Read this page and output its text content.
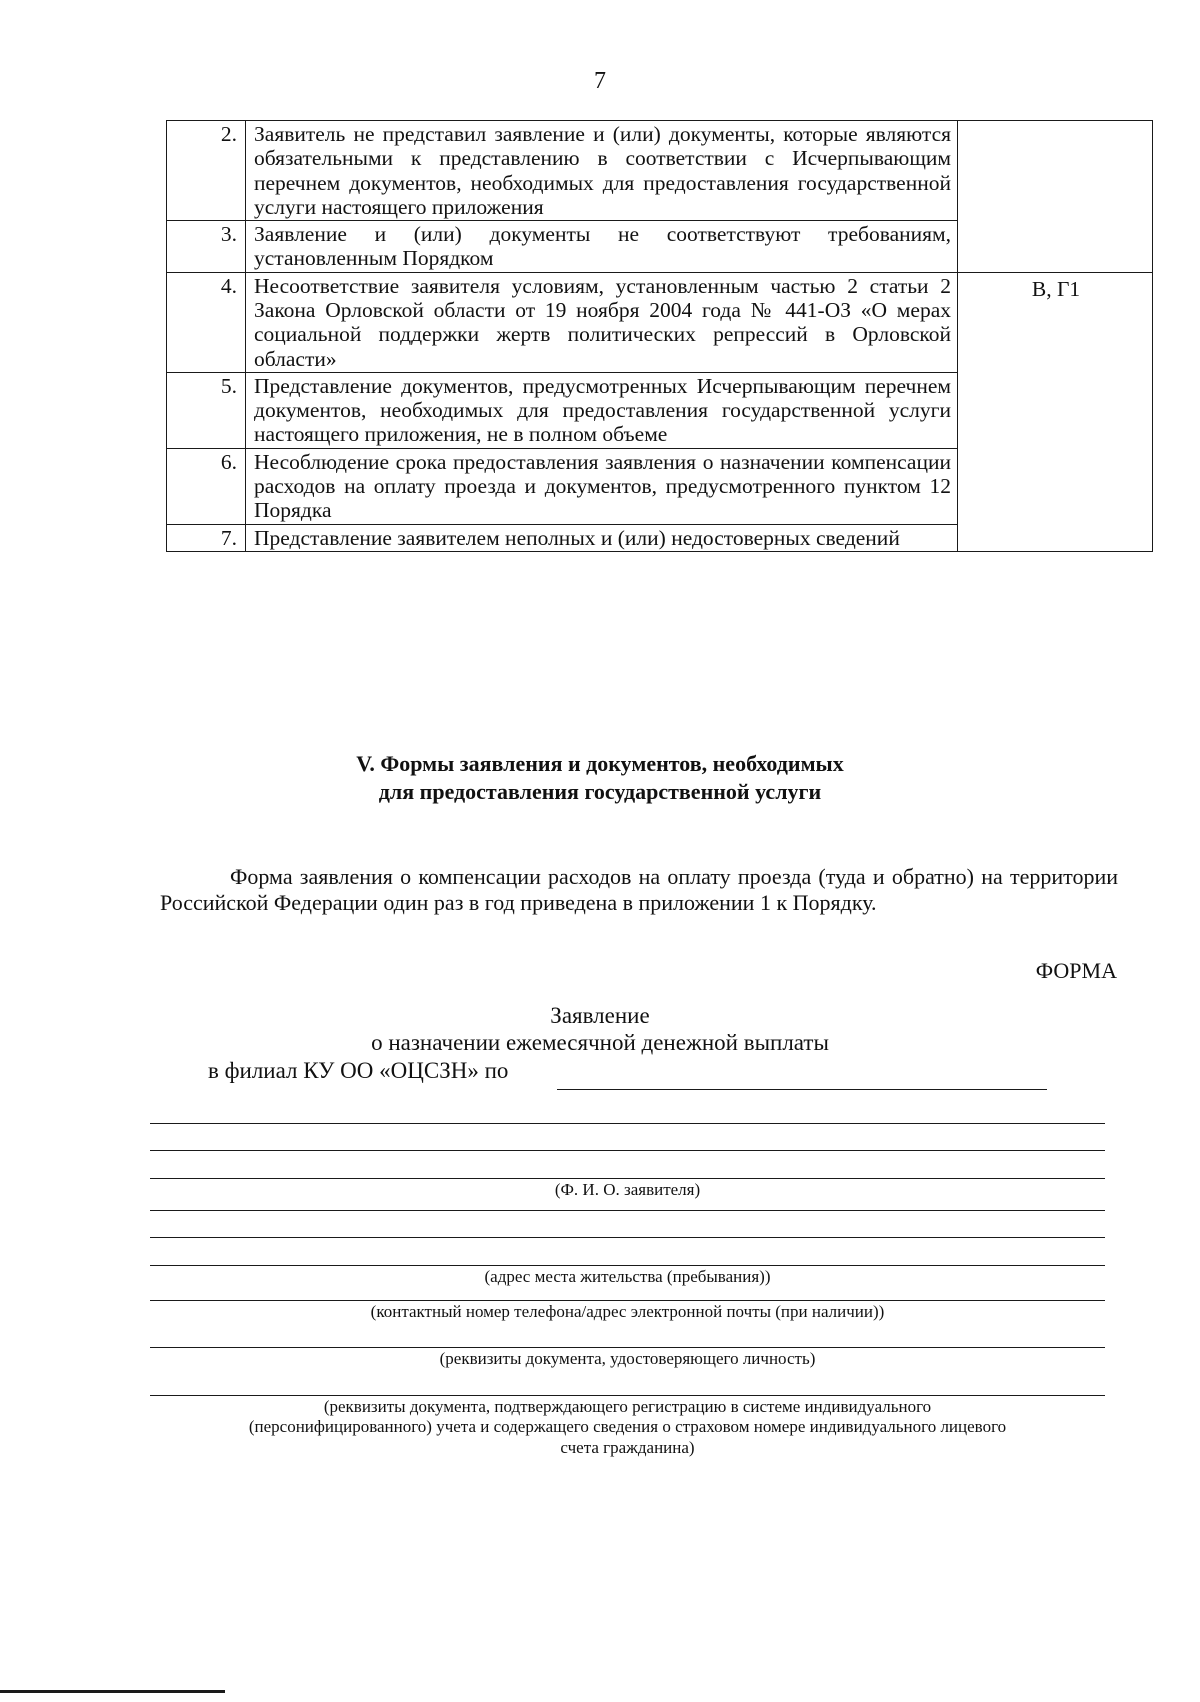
7
2.	Заявитель не представил заявление и (или) документы, которые являются обязательными к представлению в соответствии с Исчерпывающим перечнем документов, необходимых для предоставления государственной услуги настоящего приложения	
3.	Заявление и (или) документы не соответствуют требованиям, установленным Порядком	
4.	Несоответствие заявителя условиям, установленным частью 2 статьи 2 Закона Орловской области от 19 ноября 2004 года № 441-ОЗ «О мерах социальной поддержки жертв политических репрессий в Орловской области»	В, Г1
5.	Представление документов, предусмотренных Исчерпывающим перечнем документов, необходимых для предоставления государственной услуги настоящего приложения, не в полном объеме	
6.	Несоблюдение срока предоставления заявления о назначении компенсации расходов на оплату проезда и документов, предусмотренного пунктом 12 Порядка	
7.	Представление заявителем неполных и (или) недостоверных сведений	
V. Формы заявления и документов, необходимых
для предоставления государственной услуги
Форма заявления о компенсации расходов на оплату проезда (туда и обратно) на территории Российской Федерации один раз в год приведена в приложении 1 к Порядку.
ФОРМА
Заявление
о назначении ежемесячной денежной выплаты
в филиал КУ ОО «ОЦСЗН» по
(Ф. И. О. заявителя)
(адрес места жительства (пребывания))
(контактный номер телефона/адрес электронной почты (при наличии))
(реквизиты документа, удостоверяющего личность)
(реквизиты документа, подтверждающего регистрацию в системе индивидуального
(персонифицированного) учета и содержащего сведения о страховом номере индивидуального лицевого
счета гражданина)
